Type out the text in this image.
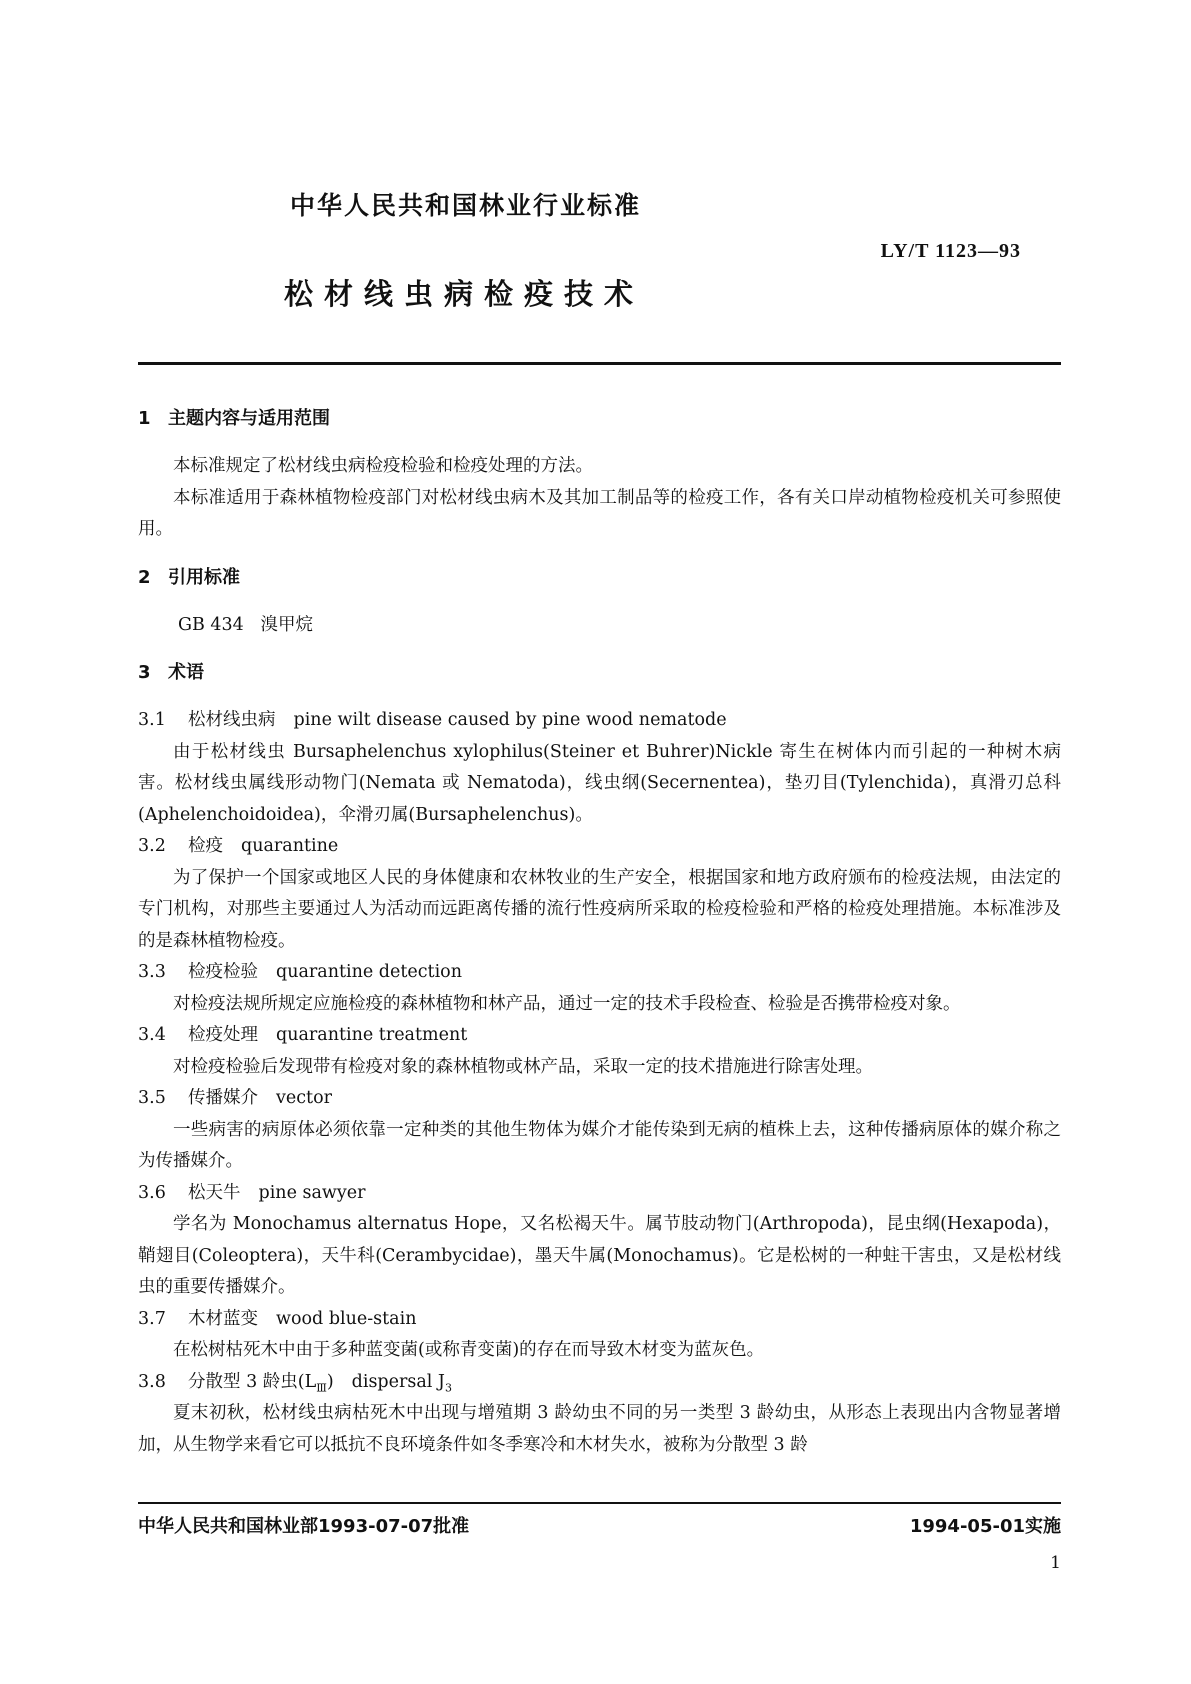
中华人民共和国林业行业标准
LY/T 1123—93
松材线虫病检疫技术
1 主题内容与适用范围

本标准规定了松材线虫病检疫检验和检疫处理的方法。

本标准适用于森林植物检疫部门对松材线虫病木及其加工制品等的检疫工作，各有关口岸动植物检疫机关可参照使用。

2 引用标准

GB 434 溴甲烷

3 术语
3.1 松材线虫病 pine wilt disease caused by pine wood nematode

由于松材线虫 Bursaphelenchus xylophilus(Steiner et Buhrer)Nickle 寄生在树体内而引起的一种树木病害。松材线虫属线形动物门(Nemata 或 Nematoda)，线虫纲(Secernentea)，垫刃目(Tylenchida)，真滑刃总科(Aphelenchoidoidea)，伞滑刃属(Bursaphelenchus)。

3.2 检疫 quarantine

为了保护一个国家或地区人民的身体健康和农林牧业的生产安全，根据国家和地方政府颁布的检疫法规，由法定的专门机构，对那些主要通过人为活动而远距离传播的流行性疫病所采取的检疫检验和严格的检疫处理措施。本标准涉及的是森林植物检疫。

3.3 检疫检验 quarantine detection

对检疫法规所规定应施检疫的森林植物和林产品，通过一定的技术手段检查、检验是否携带检疫对象。

3.4 检疫处理 quarantine treatment

对检疫检验后发现带有检疫对象的森林植物或林产品，采取一定的技术措施进行除害处理。

3.5 传播媒介 vector

一些病害的病原体必须依靠一定种类的其他生物体为媒介才能传染到无病的植株上去，这种传播病原体的媒介称之为传播媒介。

3.6 松天牛 pine sawyer

学名为 Monochamus alternatus Hope，又名松褐天牛。属节肢动物门(Arthropoda)，昆虫纲(Hexapoda)，鞘翅目(Coleoptera)，天牛科(Cerambycidae)，墨天牛属(Monochamus)。它是松树的一种蛀干害虫，又是松材线虫的重要传播媒介。

3.7 木材蓝变 wood blue-stain

在松树枯死木中由于多种蓝变菌(或称青变菌)的存在而导致木材变为蓝灰色。

3.8 分散型 3 龄虫$(L_Ⅲ)$ dispersal $J_3$

夏末初秋，松材线虫病枯死木中出现与增殖期 3 龄幼虫不同的另一类型 3 龄幼虫，从形态上表现出内含物显著增加，从生物学来看它可以抵抗不良环境条件如冬季寒冷和木材失水，被称为分散型 3 龄

中华人民共和国林业部1993-07-07批准	1994-05-01实施
1
